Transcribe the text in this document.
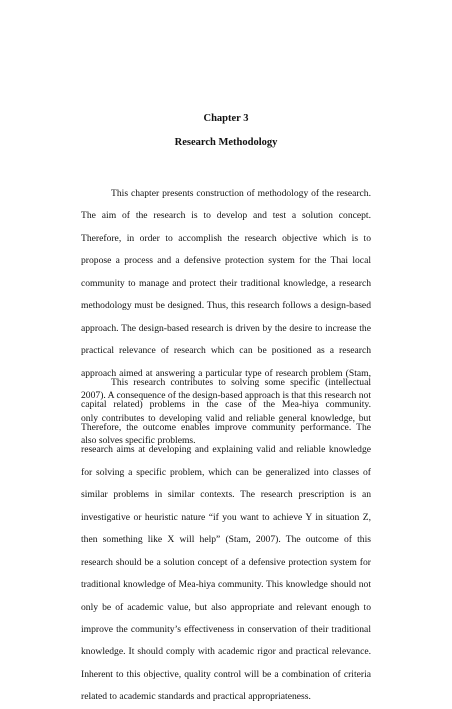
Chapter 3
Research Methodology

This chapter presents construction of methodology of the research. The aim of the research is to develop and test a solution concept. Therefore, in order to accomplish the research objective which is to propose a process and a defensive protection system for the Thai local community to manage and protect their traditional knowledge, a research methodology must be designed. Thus, this research follows a design-based approach. The design-based research is driven by the desire to increase the practical relevance of research which can be positioned as a research approach aimed at answering a particular type of research problem (Stam, 2007). A consequence of the design-based approach is that this research not only contributes to developing valid and reliable general knowledge, but also solves specific problems.

This research contributes to solving some specific (intellectual capital related) problems in the case of the Mea-hiya community. Therefore, the outcome enables improve community performance. The research aims at developing and explaining valid and reliable knowledge for solving a specific problem, which can be generalized into classes of similar problems in similar contexts. The research prescription is an investigative or heuristic nature “if you want to achieve Y in situation Z, then something like X will help” (Stam, 2007). The outcome of this research should be a solution concept of a defensive protection system for traditional knowledge of Mea-hiya community. This knowledge should not only be of academic value, but also appropriate and relevant enough to improve the community’s effectiveness in conservation of their traditional knowledge. It should comply with academic rigor and practical relevance. Inherent to this objective, quality control will be a combination of criteria related to academic standards and practical appropriateness.
